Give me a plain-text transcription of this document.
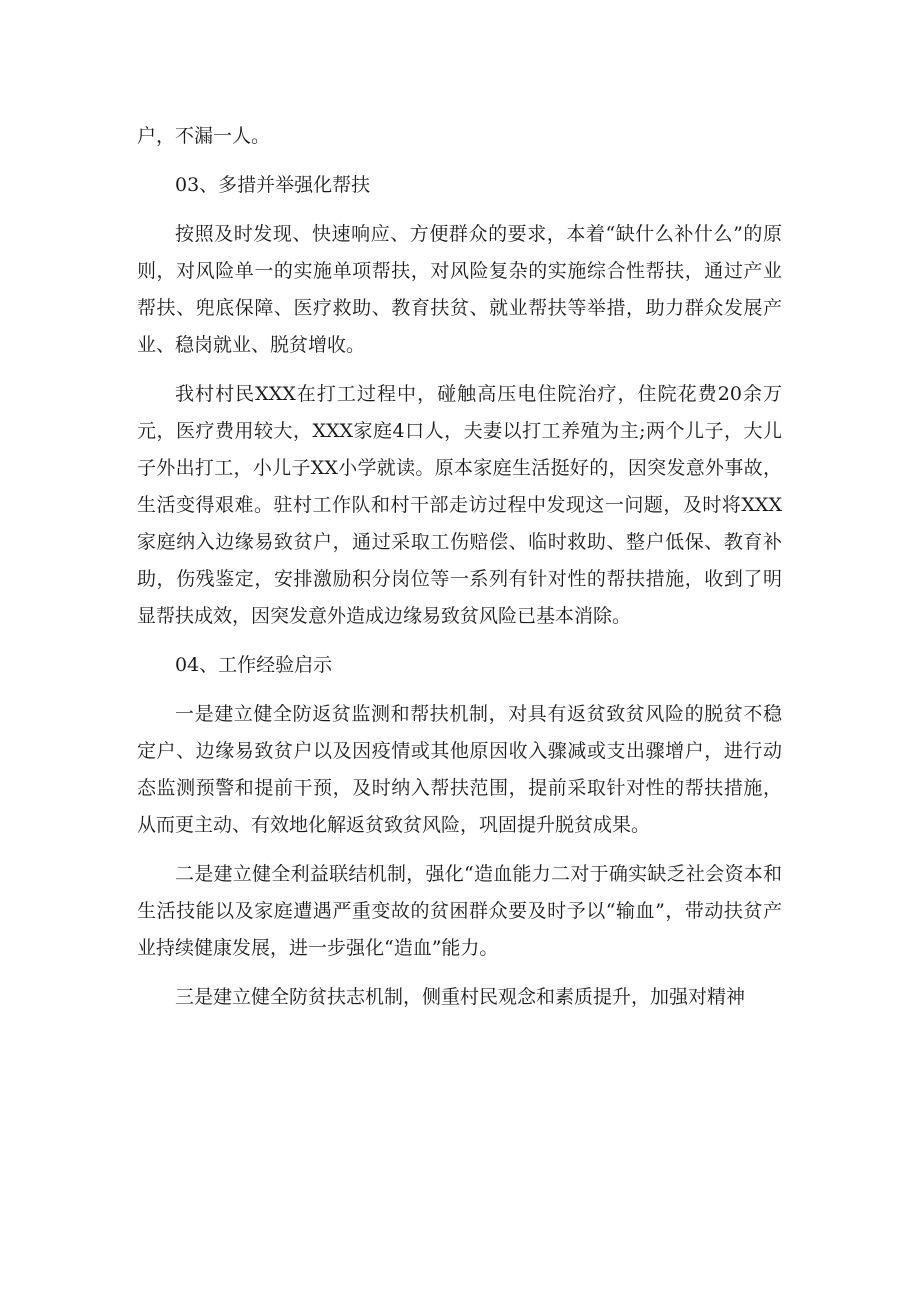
户，不漏一人。

03、多措并举强化帮扶

按照及时发现、快速响应、方便群众的要求，本着“缺什么补什么”的原则，对风险单一的实施单项帮扶，对风险复杂的实施综合性帮扶，通过产业帮扶、兜底保障、医疗救助、教育扶贫、就业帮扶等举措，助力群众发展产业、稳岗就业、脱贫增收。

我村村民XXX在打工过程中，碰触高压电住院治疗，住院花费20余万元，医疗费用较大，XXX家庭4口人，夫妻以打工养殖为主;两个儿子，大儿子外出打工，小儿子XX小学就读。原本家庭生活挺好的，因突发意外事故，生活变得艰难。驻村工作队和村干部走访过程中发现这一问题，及时将XXX家庭纳入边缘易致贫户，通过采取工伤赔偿、临时救助、整户低保、教育补助，伤残鉴定，安排激励积分岗位等一系列有针对性的帮扶措施，收到了明显帮扶成效，因突发意外造成边缘易致贫风险已基本消除。

04、工作经验启示

一是建立健全防返贫监测和帮扶机制，对具有返贫致贫风险的脱贫不稳定户、边缘易致贫户以及因疫情或其他原因收入骤减或支出骤增户，进行动态监测预警和提前干预，及时纳入帮扶范围，提前采取针对性的帮扶措施，从而更主动、有效地化解返贫致贫风险，巩固提升脱贫成果。

二是建立健全利益联结机制，强化“造血能力二对于确实缺乏社会资本和生活技能以及家庭遭遇严重变故的贫困群众要及时予以“输血”，带动扶贫产业持续健康发展，进一步强化“造血”能力。

三是建立健全防贫扶志机制，侧重村民观念和素质提升，加强对精神
